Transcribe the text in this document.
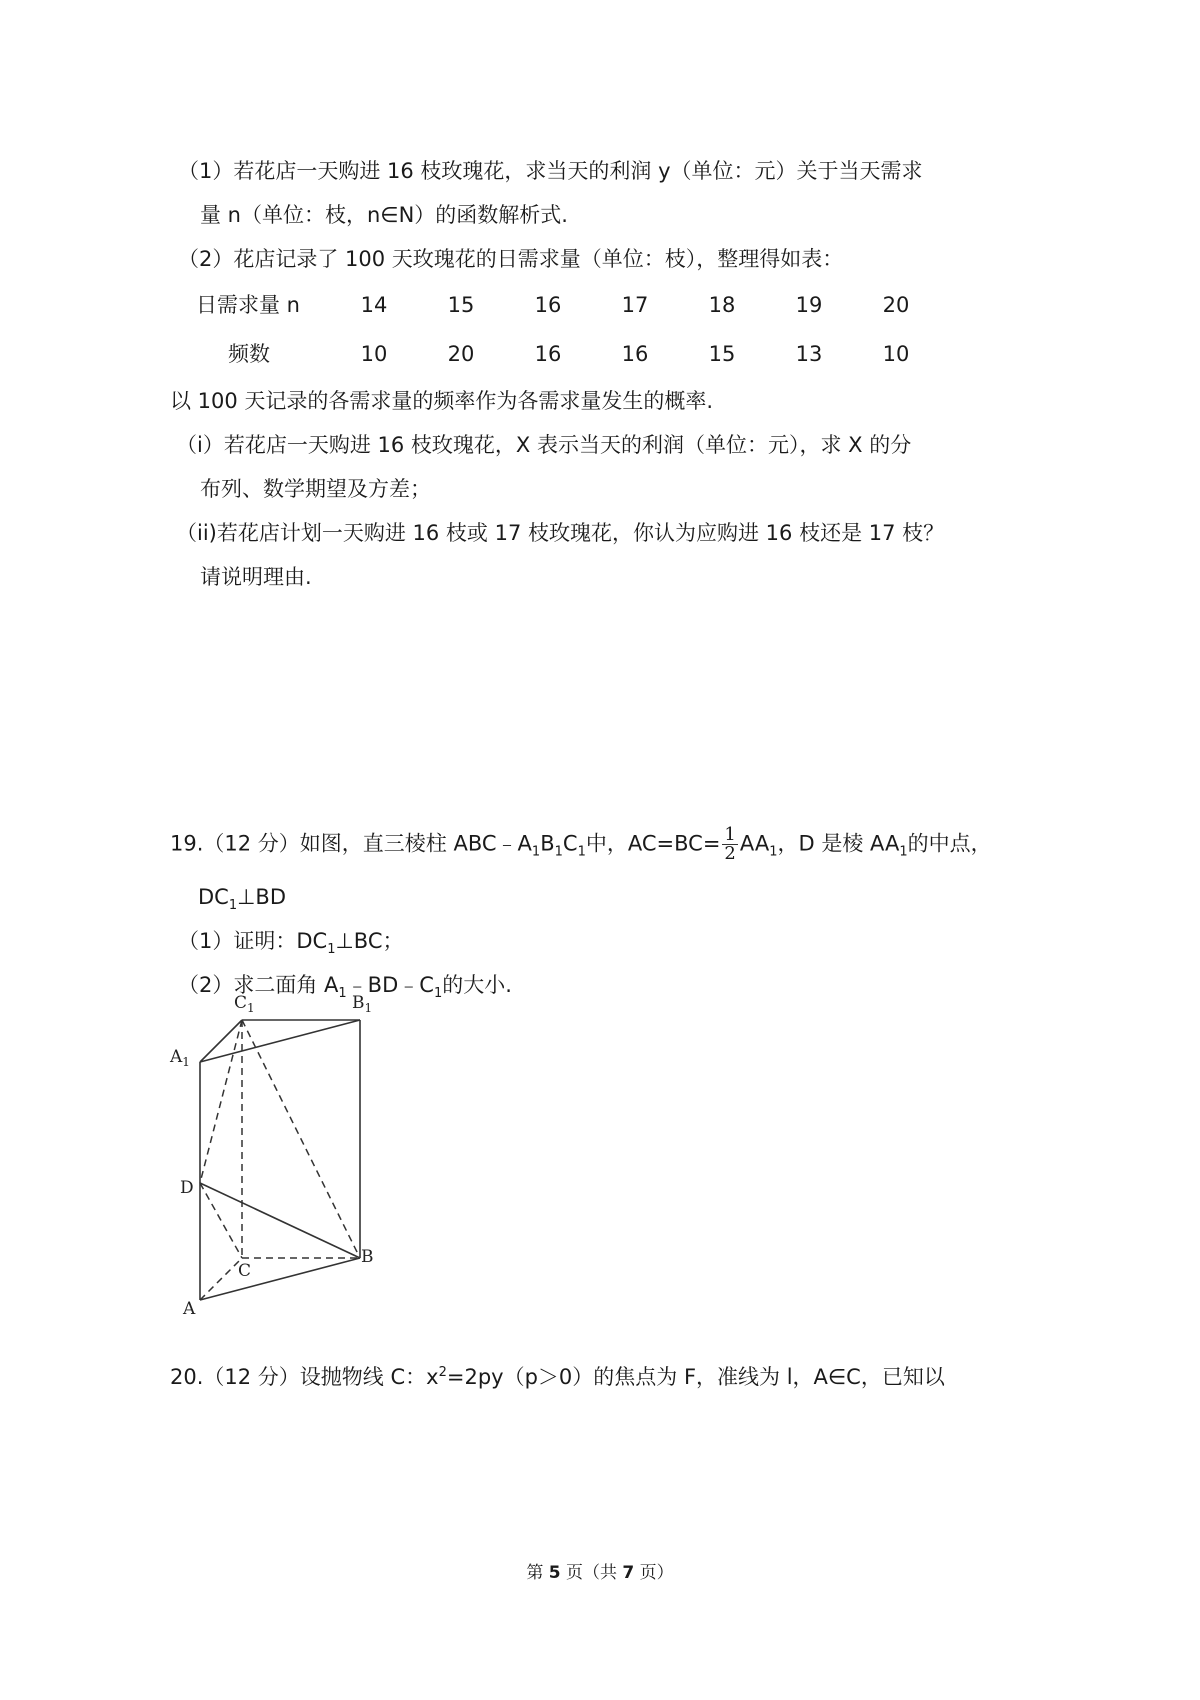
（1）若花店一天购进 16 枝玫瑰花，求当天的利润 y（单位：元）关于当天需求
量 n（单位：枝，n∈N）的函数解析式.
（2）花店记录了 100 天玫瑰花的日需求量（单位：枝），整理得如表：
日需求量 n	14	15	16	17	18	19	20
频数	10	20	16	16	15	13	10
以 100 天记录的各需求量的频率作为各需求量发生的概率.
（i）若花店一天购进 16 枝玫瑰花，X 表示当天的利润（单位：元），求 X 的分
布列、数学期望及方差；
（ii)若花店计划一天购进 16 枝或 17 枝玫瑰花，你认为应购进 16 枝还是 17 枝？
请说明理由.
19.（12 分）如图，直三棱柱 $ABC﹣A_1B_1C_1$中，$AC=BC= \frac{1}{2} AA_1$，D 是棱 $AA_1$的中点，
$DC_1\perp BD$
（1）证明：$DC_1\perp BC$；
（2）求二面角 $A_1﹣BD﹣C_1$的大小.
$C_1$	$B_1$
$A_1$
D
C
B
A
20.（12 分）设抛物线 C：$x^2=2py(p>0)$的焦点为 F，准线为 l，A∈C，已知以
第 5 页（共 7 页）
